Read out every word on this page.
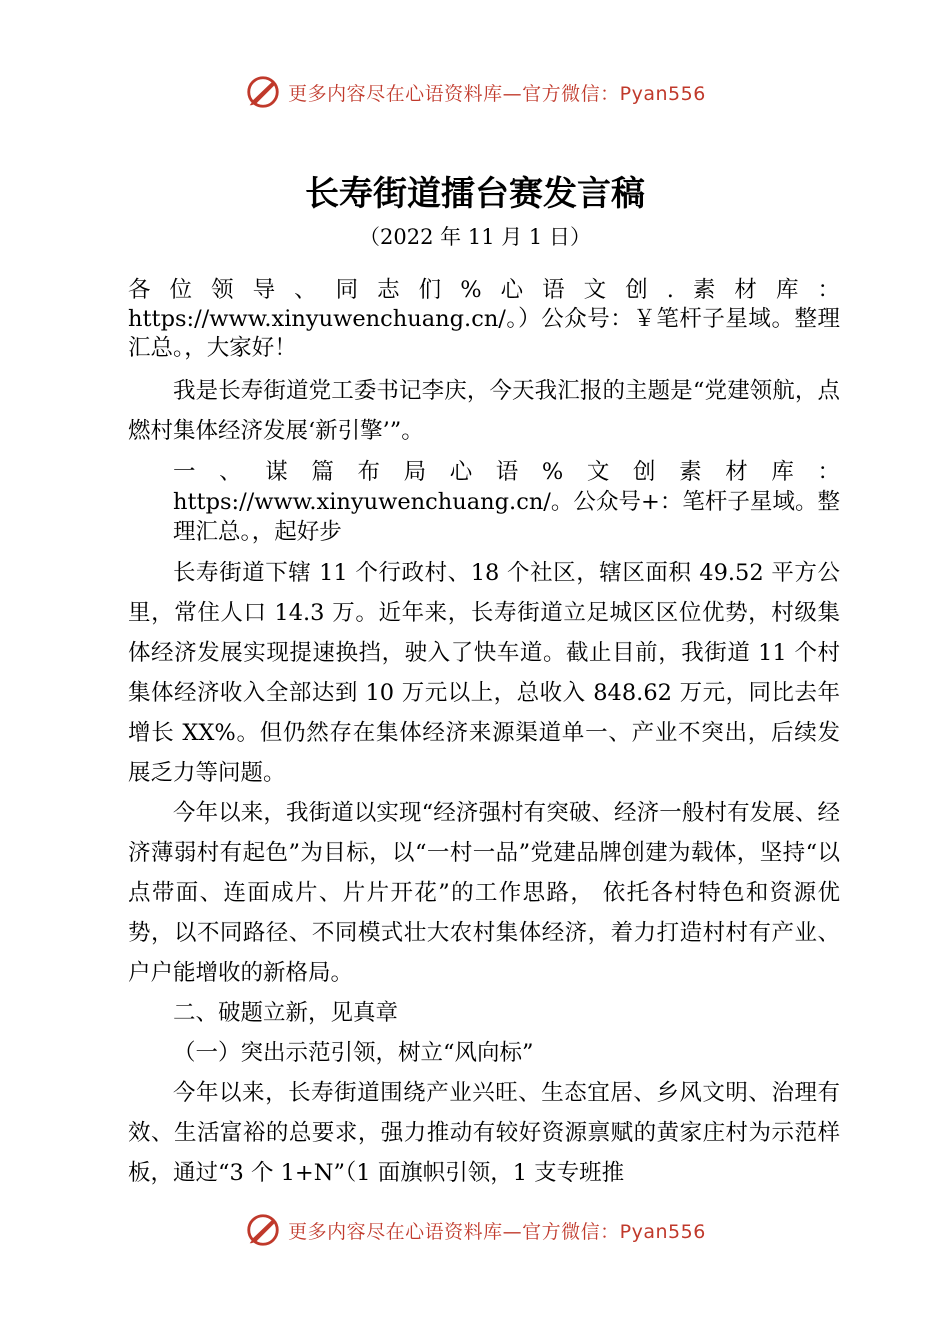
更多内容尽在心语资料库—官方微信：Pyan556
长寿街道擂台赛发言稿
（2022 年 11 月 1 日）

各位领导、同志们%心语文创.素材库：https://www.xinyuwenchuang.cn/。）公众号：￥笔杆子星域。整理汇总。，大家好！

我是长寿街道党工委书记李庆，今天我汇报的主题是“党建领航，点燃村集体经济发展‘新引擎’”。

一、谋篇布局心语%文创素材库：https://www.xinyuwenchuang.cn/。公众号+：笔杆子星域。整理汇总。，起好步

长寿街道下辖 11 个行政村、18 个社区，辖区面积 49.52 平方公里，常住人口 14.3 万。近年来，长寿街道立足城区区位优势，村级集体经济发展实现提速换挡，驶入了快车道。截止目前，我街道 11 个村集体经济收入全部达到 10 万元以上，总收入 848.62 万元，同比去年增长 XX%。但仍然存在集体经济来源渠道单一、产业不突出，后续发展乏力等问题。

今年以来，我街道以实现“经济强村有突破、经济一般村有发展、经济薄弱村有起色”为目标，以“一村一品”党建品牌创建为载体，坚持“以点带面、连面成片、片片开花”的工作思路， 依托各村特色和资源优势，以不同路径、不同模式壮大农村集体经济，着力打造村村有产业、户户能增收的新格局。

二、破题立新，见真章

（一）突出示范引领，树立“风向标”

今年以来，长寿街道围绕产业兴旺、生态宜居、乡风文明、治理有效、生活富裕的总要求，强力推动有较好资源禀赋的黄家庄村为示范样板，通过“3 个 1+N”（1 面旗帜引领，1 支专班推

更多内容尽在心语资料库—官方微信：Pyan556
